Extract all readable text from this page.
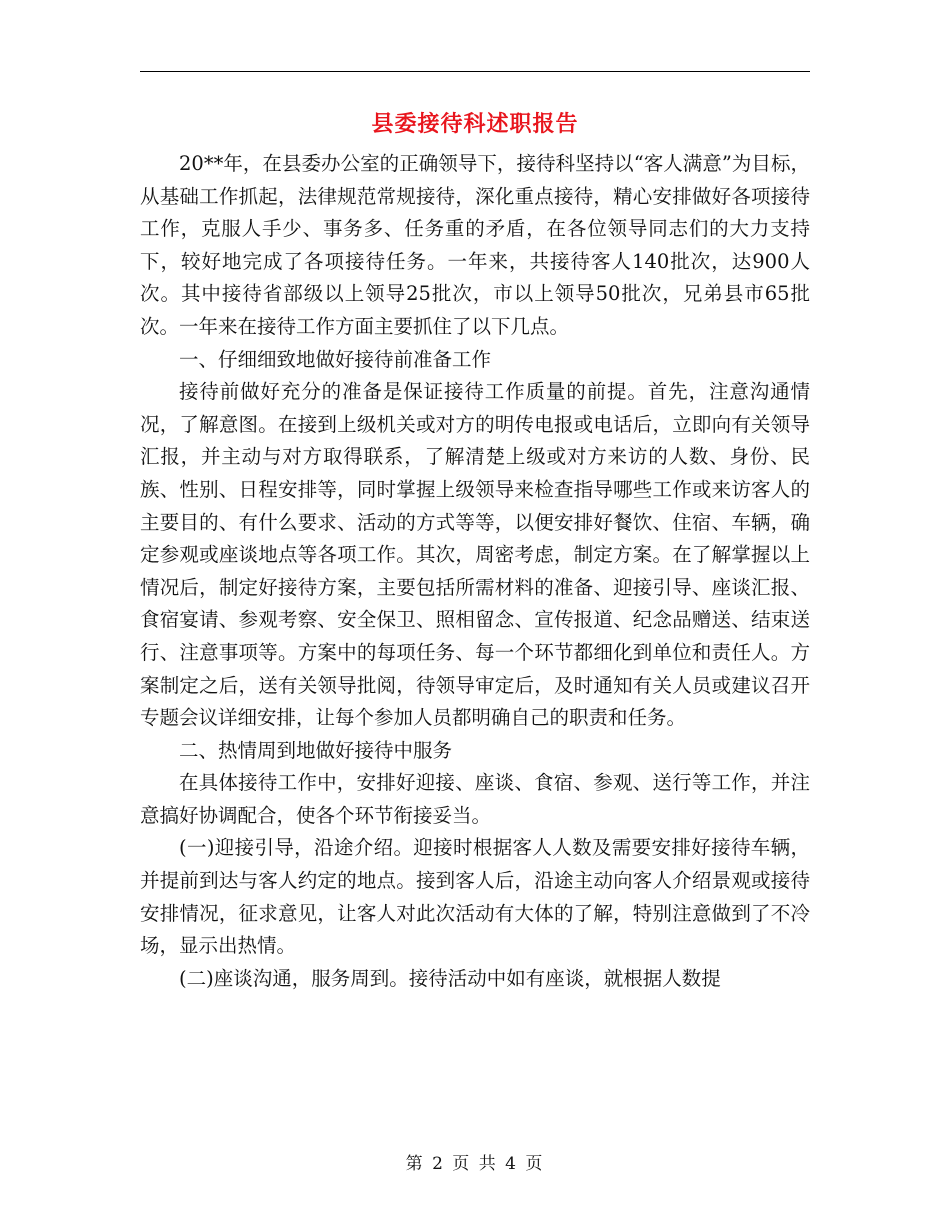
县委接待科述职报告

20**年，在县委办公室的正确领导下，接待科坚持以“客人满意”为目标，从基础工作抓起，法律规范常规接待，深化重点接待，精心安排做好各项接待工作，克服人手少、事务多、任务重的矛盾，在各位领导同志们的大力支持下，较好地完成了各项接待任务。一年来，共接待客人140批次，达900人次。其中接待省部级以上领导25批次，市以上领导50批次，兄弟县市65批次。一年来在接待工作方面主要抓住了以下几点。

一、仔细细致地做好接待前准备工作

接待前做好充分的准备是保证接待工作质量的前提。首先，注意沟通情况，了解意图。在接到上级机关或对方的明传电报或电话后，立即向有关领导汇报，并主动与对方取得联系，了解清楚上级或对方来访的人数、身份、民族、性别、日程安排等，同时掌握上级领导来检查指导哪些工作或来访客人的主要目的、有什么要求、活动的方式等等，以便安排好餐饮、住宿、车辆，确定参观或座谈地点等各项工作。其次，周密考虑，制定方案。在了解掌握以上情况后，制定好接待方案，主要包括所需材料的准备、迎接引导、座谈汇报、食宿宴请、参观考察、安全保卫、照相留念、宣传报道、纪念品赠送、结束送行、注意事项等。方案中的每项任务、每一个环节都细化到单位和责任人。方案制定之后，送有关领导批阅，待领导审定后，及时通知有关人员或建议召开专题会议详细安排，让每个参加人员都明确自己的职责和任务。

二、热情周到地做好接待中服务

在具体接待工作中，安排好迎接、座谈、食宿、参观、送行等工作，并注意搞好协调配合，使各个环节衔接妥当。

(一)迎接引导，沿途介绍。迎接时根据客人人数及需要安排好接待车辆，并提前到达与客人约定的地点。接到客人后，沿途主动向客人介绍景观或接待安排情况，征求意见，让客人对此次活动有大体的了解，特别注意做到了不冷场，显示出热情。

(二)座谈沟通，服务周到。接待活动中如有座谈，就根据人数提

第 2 页 共 4 页
